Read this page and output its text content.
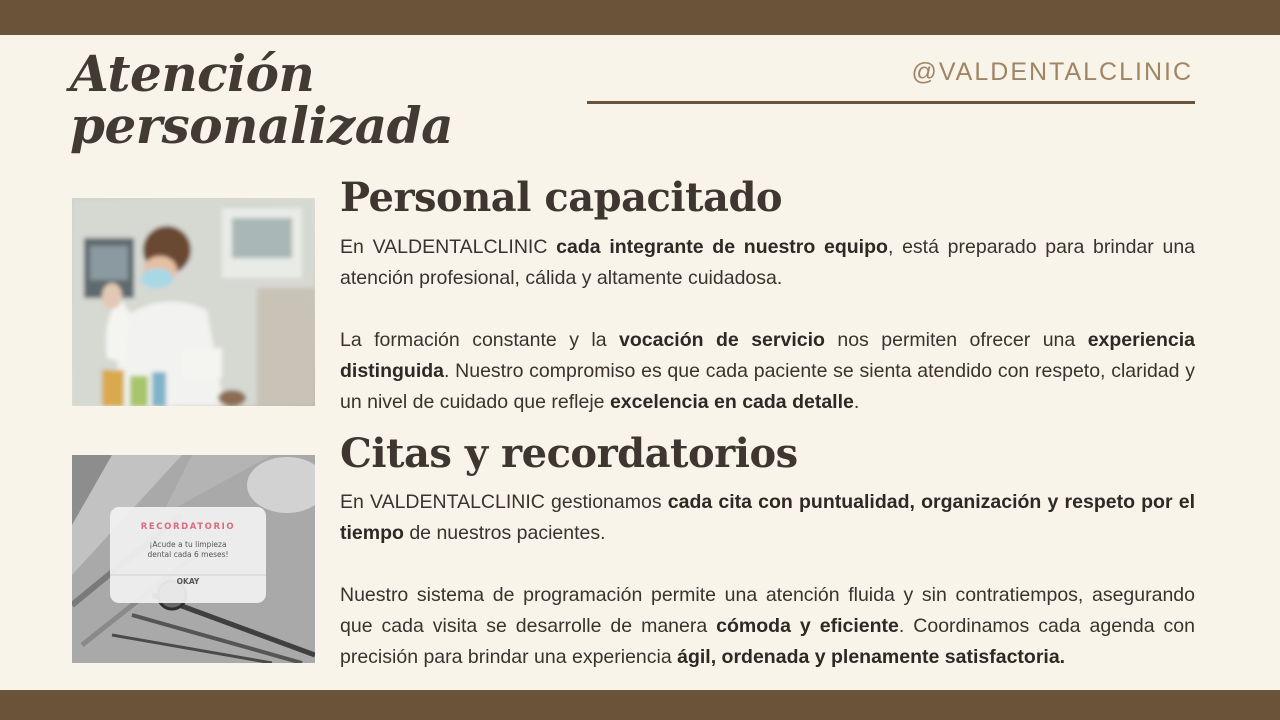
Atención
personalizada

@VALDENTALCLINIC

RECORDATORIO
¡Acude a tu limpieza
dental cada 6 meses!
OKAY
Personal capacitado

En VALDENTALCLINIC cada integrante de nuestro equipo, está preparado para brindar una atención profesional, cálida y altamente cuidadosa.

La formación constante y la vocación de servicio nos permiten ofrecer una experiencia distinguida. Nuestro compromiso es que cada paciente se sienta atendido con respeto, claridad y un nivel de cuidado que refleje excelencia en cada detalle.

Citas y recordatorios

En VALDENTALCLINIC gestionamos cada cita con puntualidad, organización y respeto por el tiempo de nuestros pacientes.

Nuestro sistema de programación permite una atención fluida y sin contratiempos, asegurando que cada visita se desarrolle de manera cómoda y eficiente. Coordinamos cada agenda con precisión para brindar una experiencia ágil, ordenada y plenamente satisfactoria.
